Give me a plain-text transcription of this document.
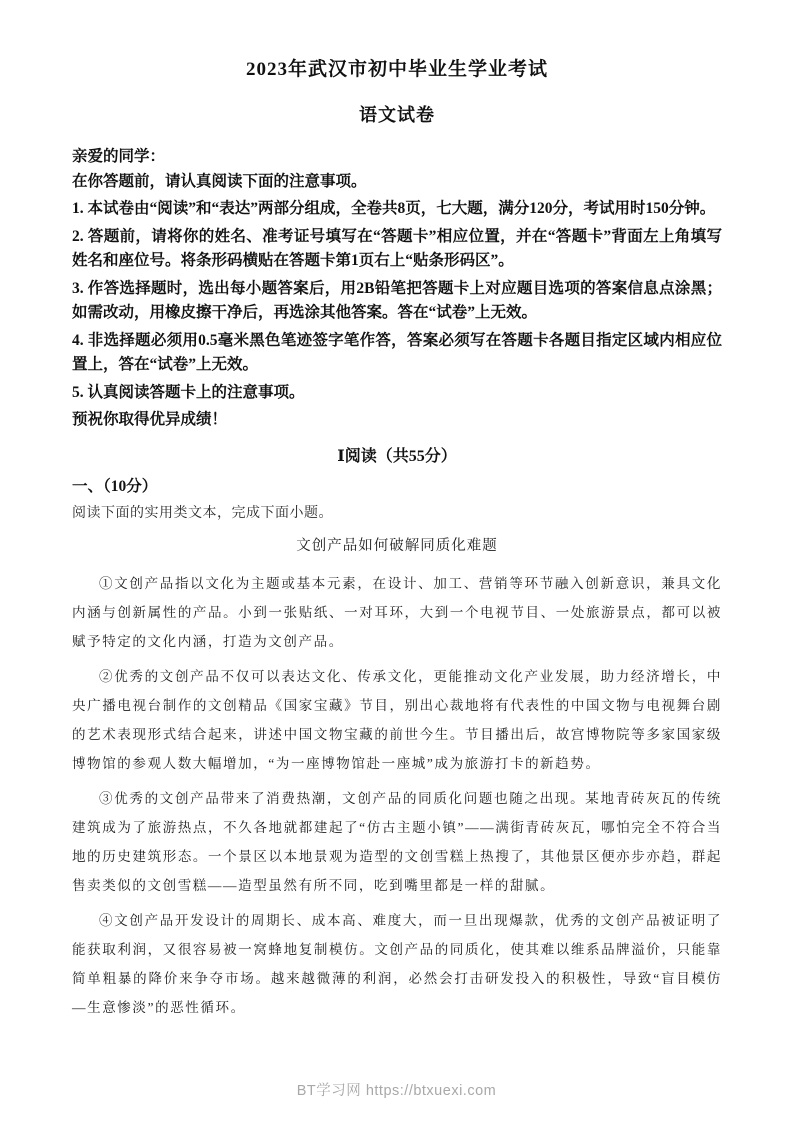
2023年武汉市初中毕业生学业考试
语文试卷

亲爱的同学：

在你答题前，请认真阅读下面的注意事项。

1. 本试卷由“阅读”和“表达”两部分组成，全卷共8页，七大题，满分120分，考试用时150分钟。

2. 答题前，请将你的姓名、准考证号填写在“答题卡”相应位置，并在“答题卡”背面左上角填写姓名和座位号。将条形码横贴在答题卡第1页右上“贴条形码区”。

3. 作答选择题时，选出每小题答案后，用2B铅笔把答题卡上对应题目选项的答案信息点涂黑；如需改动，用橡皮擦干净后，再选涂其他答案。答在“试卷”上无效。

4. 非选择题必须用0.5毫米黑色笔迹签字笔作答，答案必须写在答题卡各题目指定区域内相应位置上，答在“试卷”上无效。

5. 认真阅读答题卡上的注意事项。

预祝你取得优异成绩！

Ⅰ阅读（共55分）
一、（10分）

阅读下面的实用类文本，完成下面小题。

文创产品如何破解同质化难题

①文创产品指以文化为主题或基本元素，在设计、加工、营销等环节融入创新意识，兼具文化内涵与创新属性的产品。小到一张贴纸、一对耳环，大到一个电视节目、一处旅游景点，都可以被赋予特定的文化内涵，打造为文创产品。

②优秀的文创产品不仅可以表达文化、传承文化，更能推动文化产业发展，助力经济增长，中央广播电视台制作的文创精品《国家宝藏》节目，别出心裁地将有代表性的中国文物与电视舞台剧的艺术表现形式结合起来，讲述中国文物宝藏的前世今生。节目播出后，故宫博物院等多家国家级博物馆的参观人数大幅增加，“为一座博物馆赴一座城”成为旅游打卡的新趋势。

③优秀的文创产品带来了消费热潮，文创产品的同质化问题也随之出现。某地青砖灰瓦的传统建筑成为了旅游热点，不久各地就都建起了“仿古主题小镇”——满街青砖灰瓦，哪怕完全不符合当地的历史建筑形态。一个景区以本地景观为造型的文创雪糕上热搜了，其他景区便亦步亦趋，群起售卖类似的文创雪糕——造型虽然有所不同，吃到嘴里都是一样的甜腻。

④文创产品开发设计的周期长、成本高、难度大，而一旦出现爆款，优秀的文创产品被证明了能获取利润，又很容易被一窝蜂地复制模仿。文创产品的同质化，使其难以维系品牌溢价，只能靠简单粗暴的降价来争夺市场。越来越微薄的利润，必然会打击研发投入的积极性，导致“盲目模仿—生意惨淡”的恶性循环。

BT学习网 https://btxuexi.com
